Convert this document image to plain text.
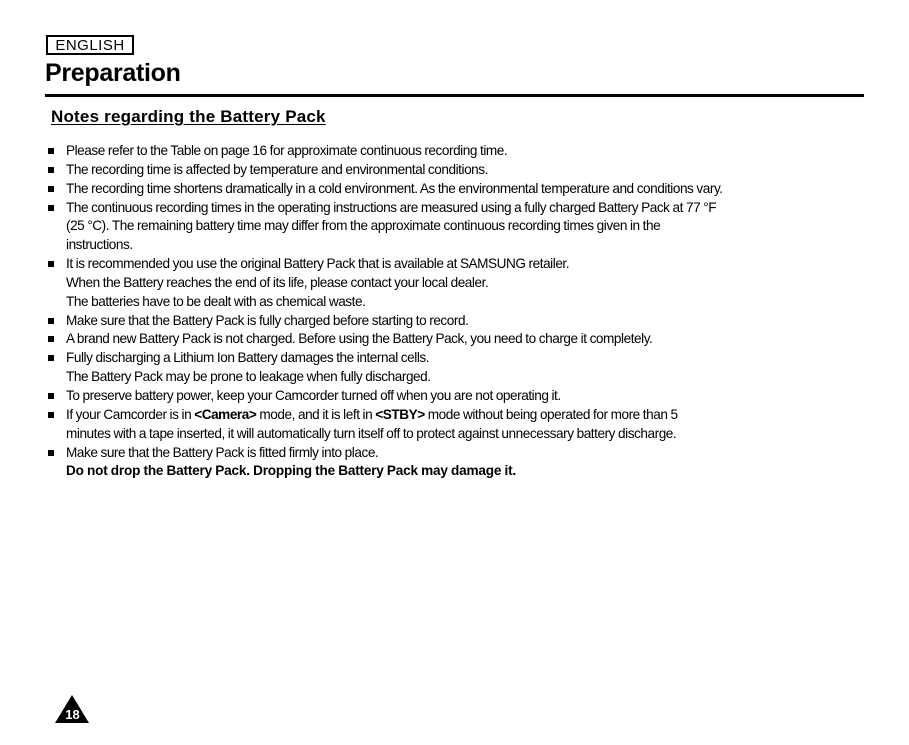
ENGLISH
Preparation
Notes regarding the Battery Pack
Please refer to the Table on page 16 for approximate continuous recording time.
The recording time is affected by temperature and environmental conditions.
The recording time shortens dramatically in a cold environment. As the environmental temperature and conditions vary.
The continuous recording times in the operating instructions are measured using a fully charged Battery Pack at 77 °F
(25 °C). The remaining battery time may differ from the approximate continuous recording times given in the
instructions.
It is recommended you use the original Battery Pack that is available at SAMSUNG retailer.
When the Battery reaches the end of its life, please contact your local dealer.
The batteries have to be dealt with as chemical waste.
Make sure that the Battery Pack is fully charged before starting to record.
A brand new Battery Pack is not charged. Before using the Battery Pack, you need to charge it completely.
Fully discharging a Lithium Ion Battery damages the internal cells.
The Battery Pack may be prone to leakage when fully discharged.
To preserve battery power, keep your Camcorder turned off when you are not operating it.
If your Camcorder is in <Camera> mode, and it is left in <STBY> mode without being operated for more than 5
minutes with a tape inserted, it will automatically turn itself off to protect against unnecessary battery discharge.
Make sure that the Battery Pack is fitted firmly into place.
Do not drop the Battery Pack. Dropping the Battery Pack may damage it.
18
